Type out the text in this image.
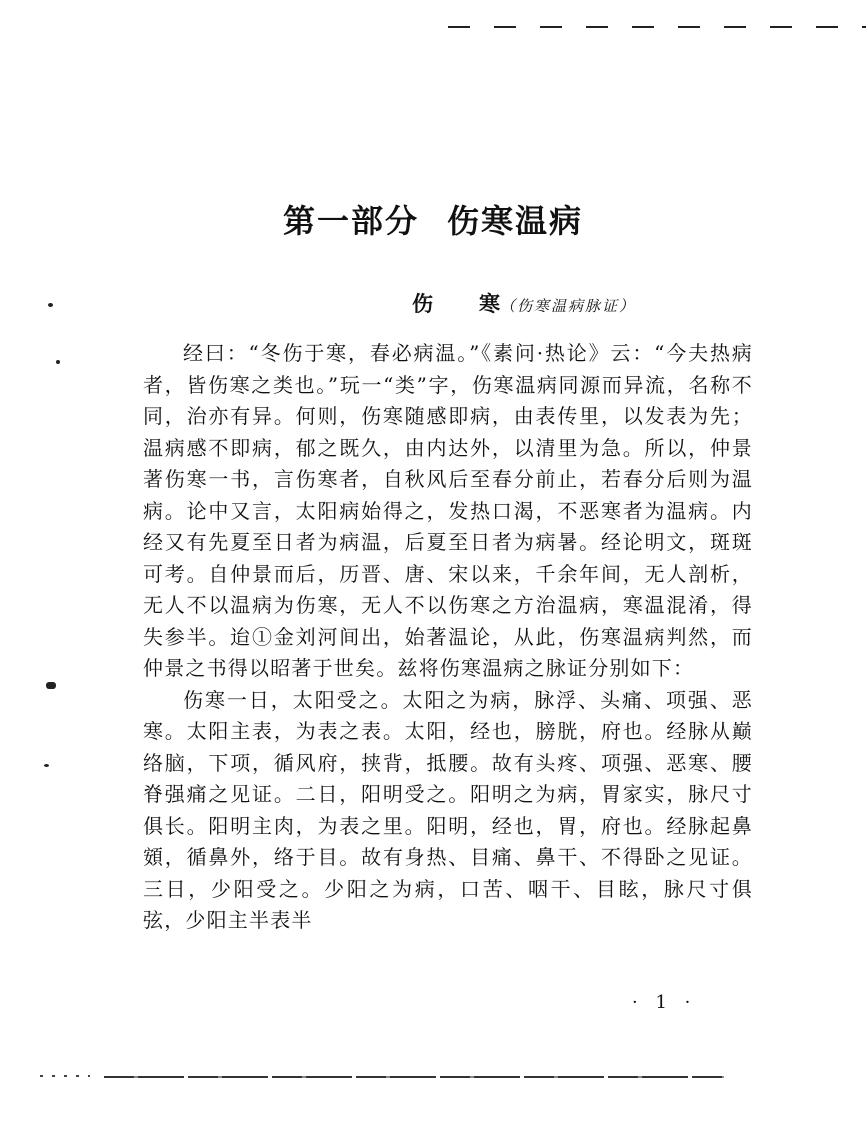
第一部分 伤寒温病
伤 寒（伤寒温病脉证）

经曰：“冬伤于寒，春必病温。”《素问·热论》云：“今夫热病者，皆伤寒之类也。”玩一“类”字，伤寒温病同源而异流，名称不同，治亦有异。何则，伤寒随感即病，由表传里，以发表为先；温病感不即病，郁之既久，由内达外，以清里为急。所以，仲景著伤寒一书，言伤寒者，自秋风后至春分前止，若春分后则为温病。论中又言，太阳病始得之，发热口渴，不恶寒者为温病。内经又有先夏至日者为病温，后夏至日者为病暑。经论明文，斑斑可考。自仲景而后，历晋、唐、宋以来，千余年间，无人剖析，无人不以温病为伤寒，无人不以伤寒之方治温病，寒温混淆，得失参半。迨①金刘河间出，始著温论，从此，伤寒温病判然，而仲景之书得以昭著于世矣。兹将伤寒温病之脉证分别如下：

伤寒一日，太阳受之。太阳之为病，脉浮、头痛、项强、恶寒。太阳主表，为表之表。太阳，经也，膀胱，府也。经脉从巅络脑，下项，循风府，挟背，抵腰。故有头疼、项强、恶寒、腰脊强痛之见证。二日，阳明受之。阳明之为病，胃家实，脉尺寸俱长。阳明主肉，为表之里。阳明，经也，胃，府也。经脉起鼻頞，循鼻外，络于目。故有身热、目痛、鼻干、不得卧之见证。三日，少阳受之。少阳之为病，口苦、咽干、目眩，脉尺寸俱弦，少阳主半表半

· 1 ·
